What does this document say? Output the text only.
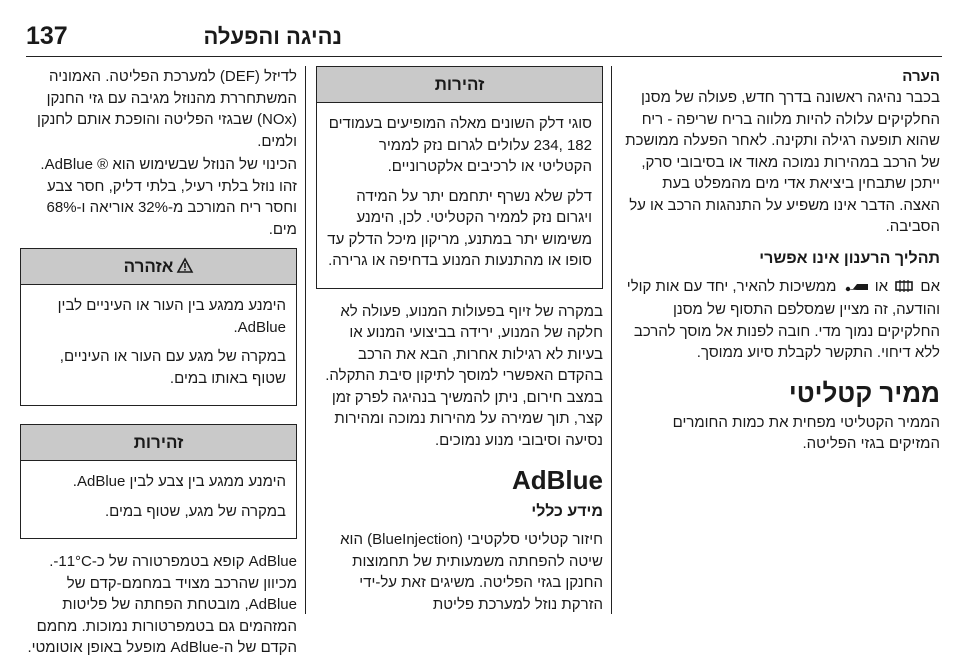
137	נהיגה והפעלה
הערה

בכבר נהיגה ראשונה בדרך חדש, פעולה של מסנן החלקיקים עלולה להיות מלווה בריח שריפה - ריח שהוא תופעה רגילה ותקינה. לאחר הפעלה ממושכת של הרכב במהירות נמוכה מאוד או בסיבובי סרק, ייתכן שתבחין ביציאת אדי מים מהמפלט בעת האצה. הדבר אינו משפיע על התנהגות הרכב או על הסביבה.

תהליך הרענון אינו אפשרי

אם  או  ממשיכות להאיר, יחד עם אות קולי והודעה, זה מציין שמסלפם התסוף של מסנן החלקיקים נמוך מדי. חובה לפנות אל מוסך להרכב ללא דיחוי. התקשר לקבלת סיוע ממוסך.

ממיר קטליטי

הממיר הקטליטי מפחית את כמות החומרים המזיקים בגזי הפליטה.

זהירות

סוגי דלק השונים מאלה המופיעים בעמודים 182 ,234 עלולים לגרום נזק לממיר הקטליטי או לרכיבים אלקטרוניים.

דלק שלא נשרף יתחמם יתר על המידה ויגרום נזק לממיר הקטליטי. לכן, הימנע משימוש יתר במתנע, מריקון מיכל הדלק עד סופו או מהתנעות המנוע בדחיפה או גרירה.

במקרה של זיוף בפעולות המנוע, פעולה לא חלקה של המנוע, ירידה בביצועי המנוע או בעיות לא רגילות אחרות, הבא את הרכב בהקדם האפשרי למוסך לתיקון סיבת התקלה. במצב חירום, ניתן להמשיך בנהיגה לפרק זמן קצר, תוך שמירה על מהירות נמוכה ומהירות נסיעה וסיבובי מנוע נמוכים.

AdBlue
מידע כללי

חיזור קטליטי סלקטיבי (BlueInjection) הוא שיטה להפחתה משמעותית של תחמוצות החנקן בגזי הפליטה. משיגים זאת על-ידי הזרקת נוזל למערכת פליטת

לדיזל (DEF) למערכת הפליטה. האמוניה המשתחררת מהנוזל מגיבה עם גזי החנקן (NOx) שבגזי הפליטה והופכת אותם לחנקן ולמים.

הכינוי של הנוזל שבשימוש הוא ® AdBlue. זהו נוזל בלתי רעיל, בלתי דליק, חסר צבע וחסר ריח המורכב מ-32% אוריאה ו-68% מים.

אזהרה

הימנע ממגע בין העור או העיניים לבין AdBlue.

במקרה של מגע עם העור או העיניים, שטוף באותו במים.

זהירות

הימנע ממגע בין צבע לבין AdBlue.

במקרה של מגע, שטוף במים.

AdBlue קופא בטמפרטורה של כ-11°C-. מכיוון שהרכב מצויד במחמם-קדם של AdBlue, מובטחת הפחתה של פליטות המזהמים גם בטמפרטורות נמוכות. מחמם הקדם של ה-AdBlue מופעל באופן אוטומטי.
